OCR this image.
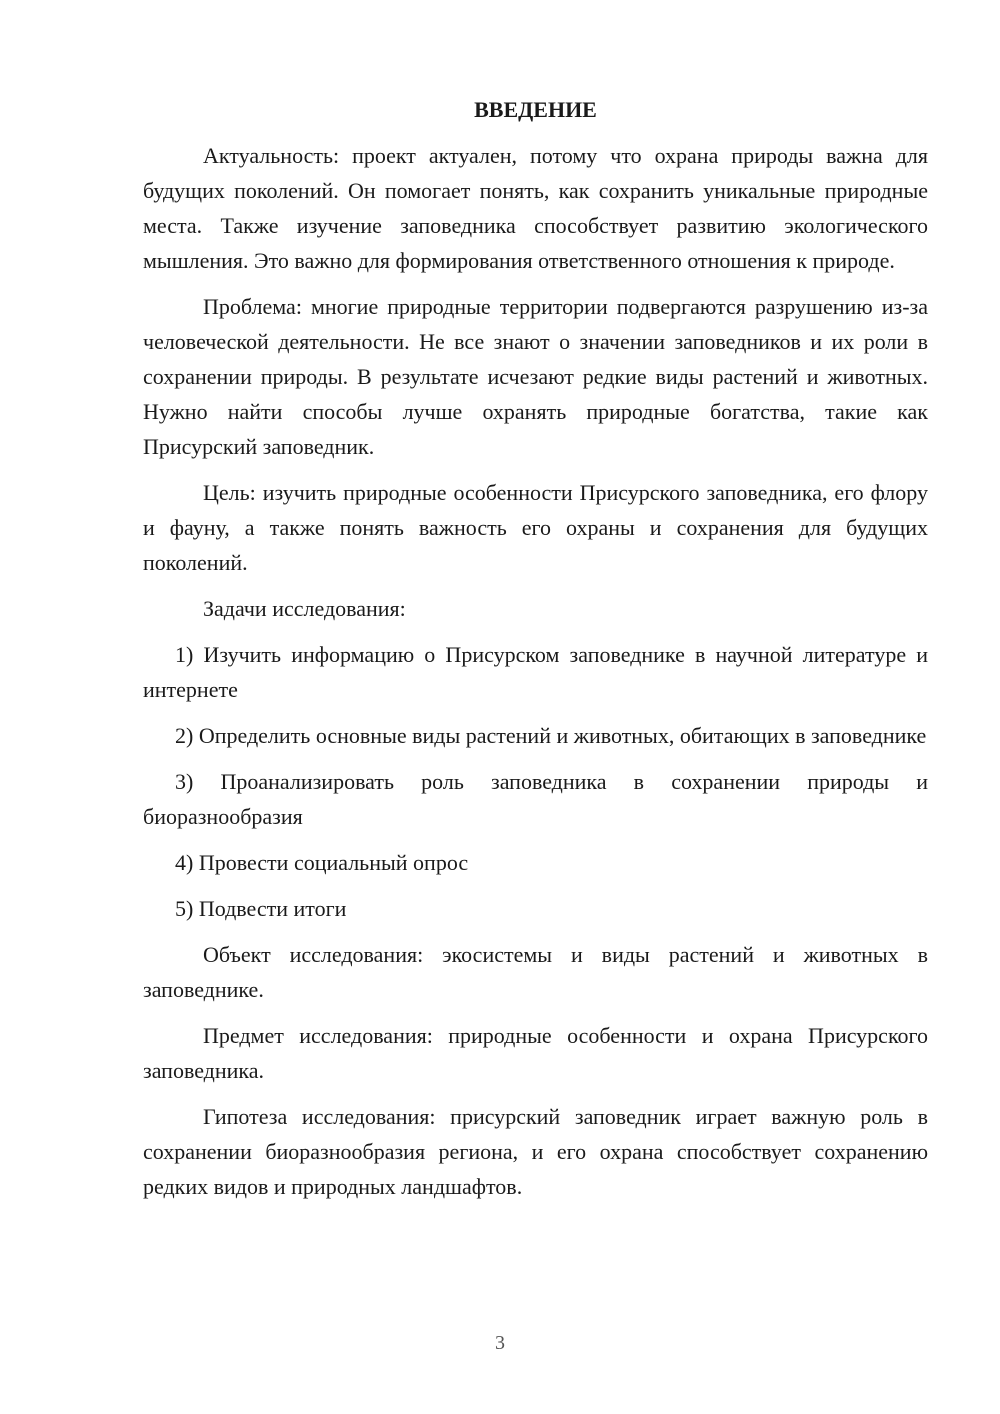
ВВЕДЕНИЕ

Актуальность: проект актуален, потому что охрана природы важна для будущих поколений. Он помогает понять, как сохранить уникальные природные места. Также изучение заповедника способствует развитию экологического мышления. Это важно для формирования ответственного отношения к природе.

Проблема: многие природные территории подвергаются разрушению из-за человеческой деятельности. Не все знают о значении заповедников и их роли в сохранении природы. В результате исчезают редкие виды растений и животных. Нужно найти способы лучше охранять природные богатства, такие как Присурский заповедник.

Цель: изучить природные особенности Присурского заповедника, его флору и фауну, а также понять важность его охраны и сохранения для будущих поколений.

Задачи исследования:

1) Изучить информацию о Присурском заповеднике в научной литературе и интернете

2) Определить основные виды растений и животных, обитающих в заповеднике

3) Проанализировать роль заповедника в сохранении природы и биоразнообразия

4) Провести социальный опрос

5) Подвести итоги

Объект исследования: экосистемы и виды растений и животных в заповеднике.

Предмет исследования: природные особенности и охрана Присурского заповедника.

Гипотеза исследования: присурский заповедник играет важную роль в сохранении биоразнообразия региона, и его охрана способствует сохранению редких видов и природных ландшафтов.

3
